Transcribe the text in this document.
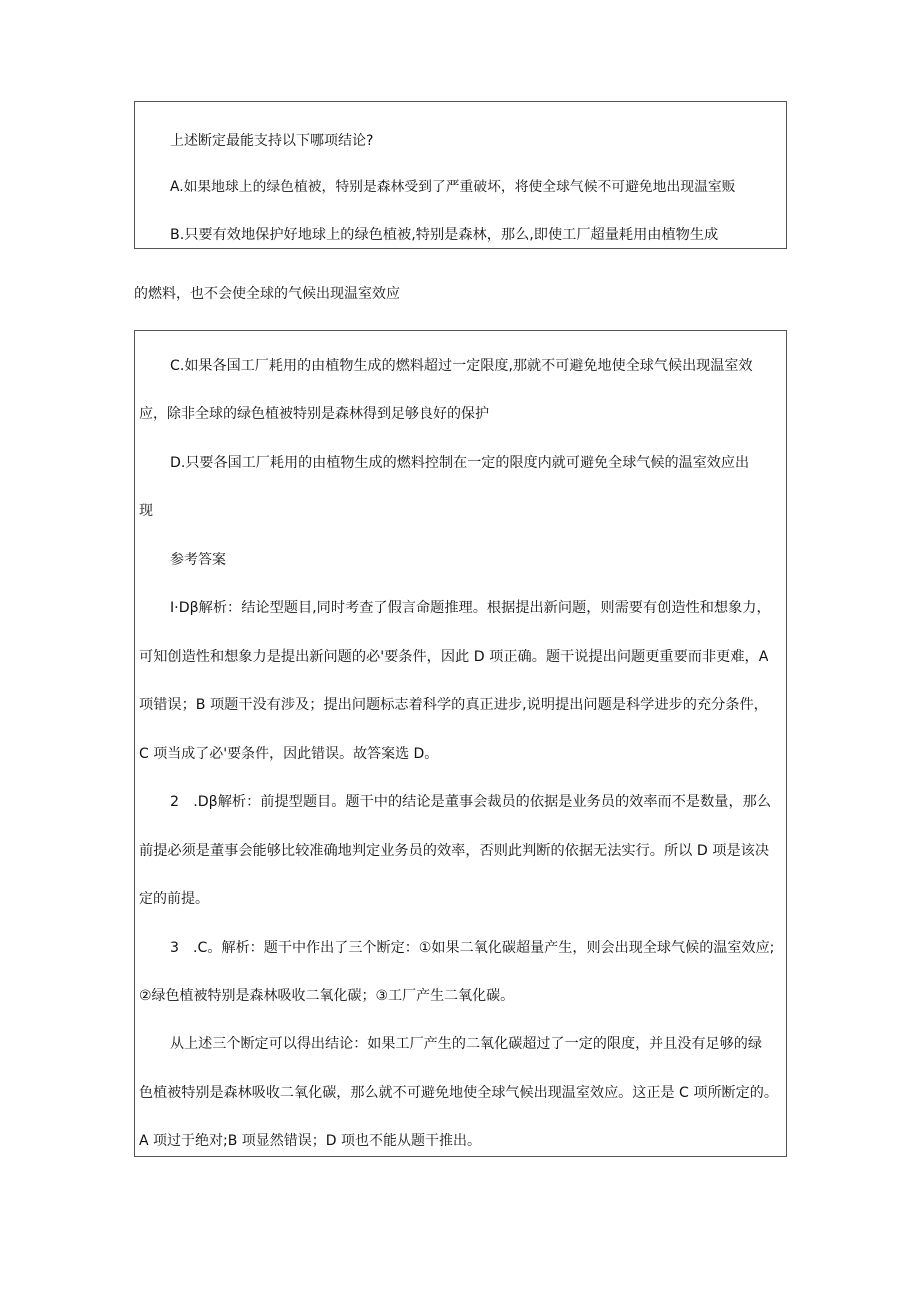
上述断定最能支持以下哪项结论?
A.如果地球上的绿色植被，特别是森林受到了严重破坏，将使全球气候不可避免地出现温室贩
B.只要有效地保护好地球上的绿色植被,特别是森林，那么,即使工厂超量耗用由植物生成
的燃料，也不会使全球的气候出现温室效应
C.如果各国工厂耗用的由植物生成的燃料超过一定限度,那就不可避免地使全球气候出现温室效
应，除非全球的绿色植被特别是森林得到足够良好的保护
D.只要各国工厂耗用的由植物生成的燃料控制在一定的限度内就可避免全球气候的温室效应出
现
参考答案
I·Dβ解析：结论型题目,同时考查了假言命题推理。根据提出新问题，则需要有创造性和想象力，
可知创造性和想象力是提出新问题的必'要条件，因此 D 项正确。题干说提出问题更重要而非更难，A
项错误；B 项题干没有涉及；提出问题标志着科学的真正进步,说明提出问题是科学进步的充分条件，
C 项当成了必'要条件，因此错误。故答案选 D。
2　.Dβ解析：前提型题目。题干中的结论是董事会裁员的依据是业务员的效率而不是数量，那么
前提必须是董事会能够比较准确地判定业务员的效率，否则此判断的依据无法实行。所以 D 项是该决
定的前提。
3　.C。解析：题干中作出了三个断定：①如果二氧化碳超量产生，则会出现全球气候的温室效应;
②绿色植被特别是森林吸收二氧化碳；③工厂产生二氧化碳。
从上述三个断定可以得出结论：如果工厂产生的二氧化碳超过了一定的限度，并且没有足够的绿
色植被特别是森林吸收二氧化碳，那么就不可避免地使全球气候出现温室效应。这正是 C 项所断定的。
A 项过于绝对;B 项显然错误；D 项也不能从题干推出。
